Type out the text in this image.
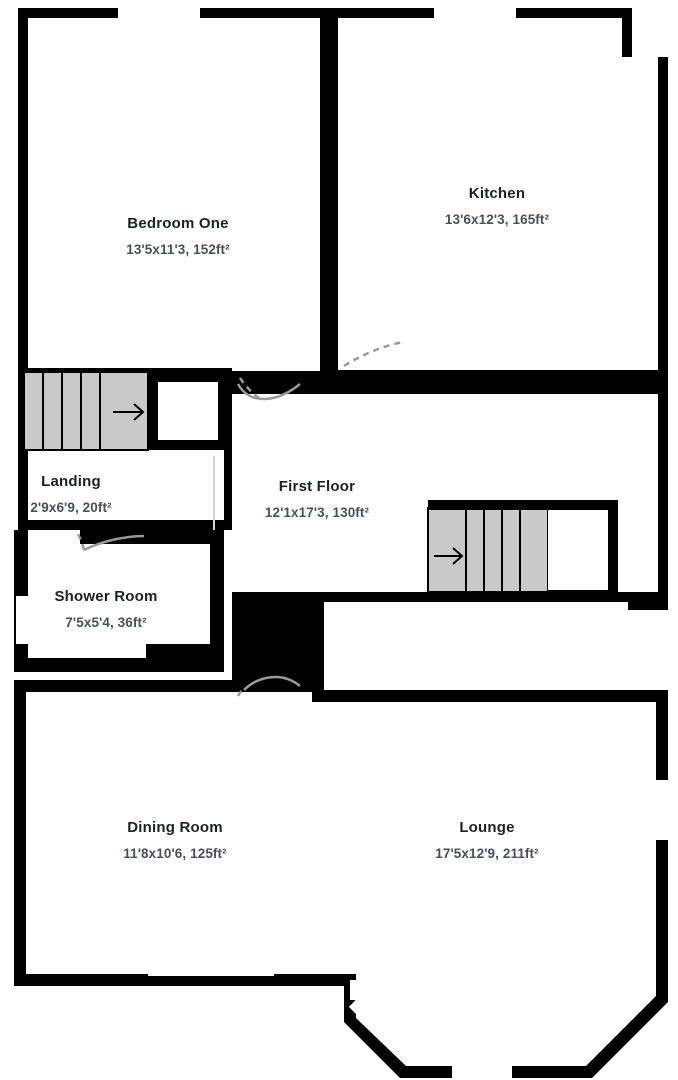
Bedroom One
13'5x11'3, 152ft²
Kitchen
13'6x12'3, 165ft²
Landing
2'9x6'9, 20ft²
First Floor
12'1x17'3, 130ft²
Shower Room
7'5x5'4, 36ft²
Dining Room
11'8x10'6, 125ft²
Lounge
17'5x12'9, 211ft²
